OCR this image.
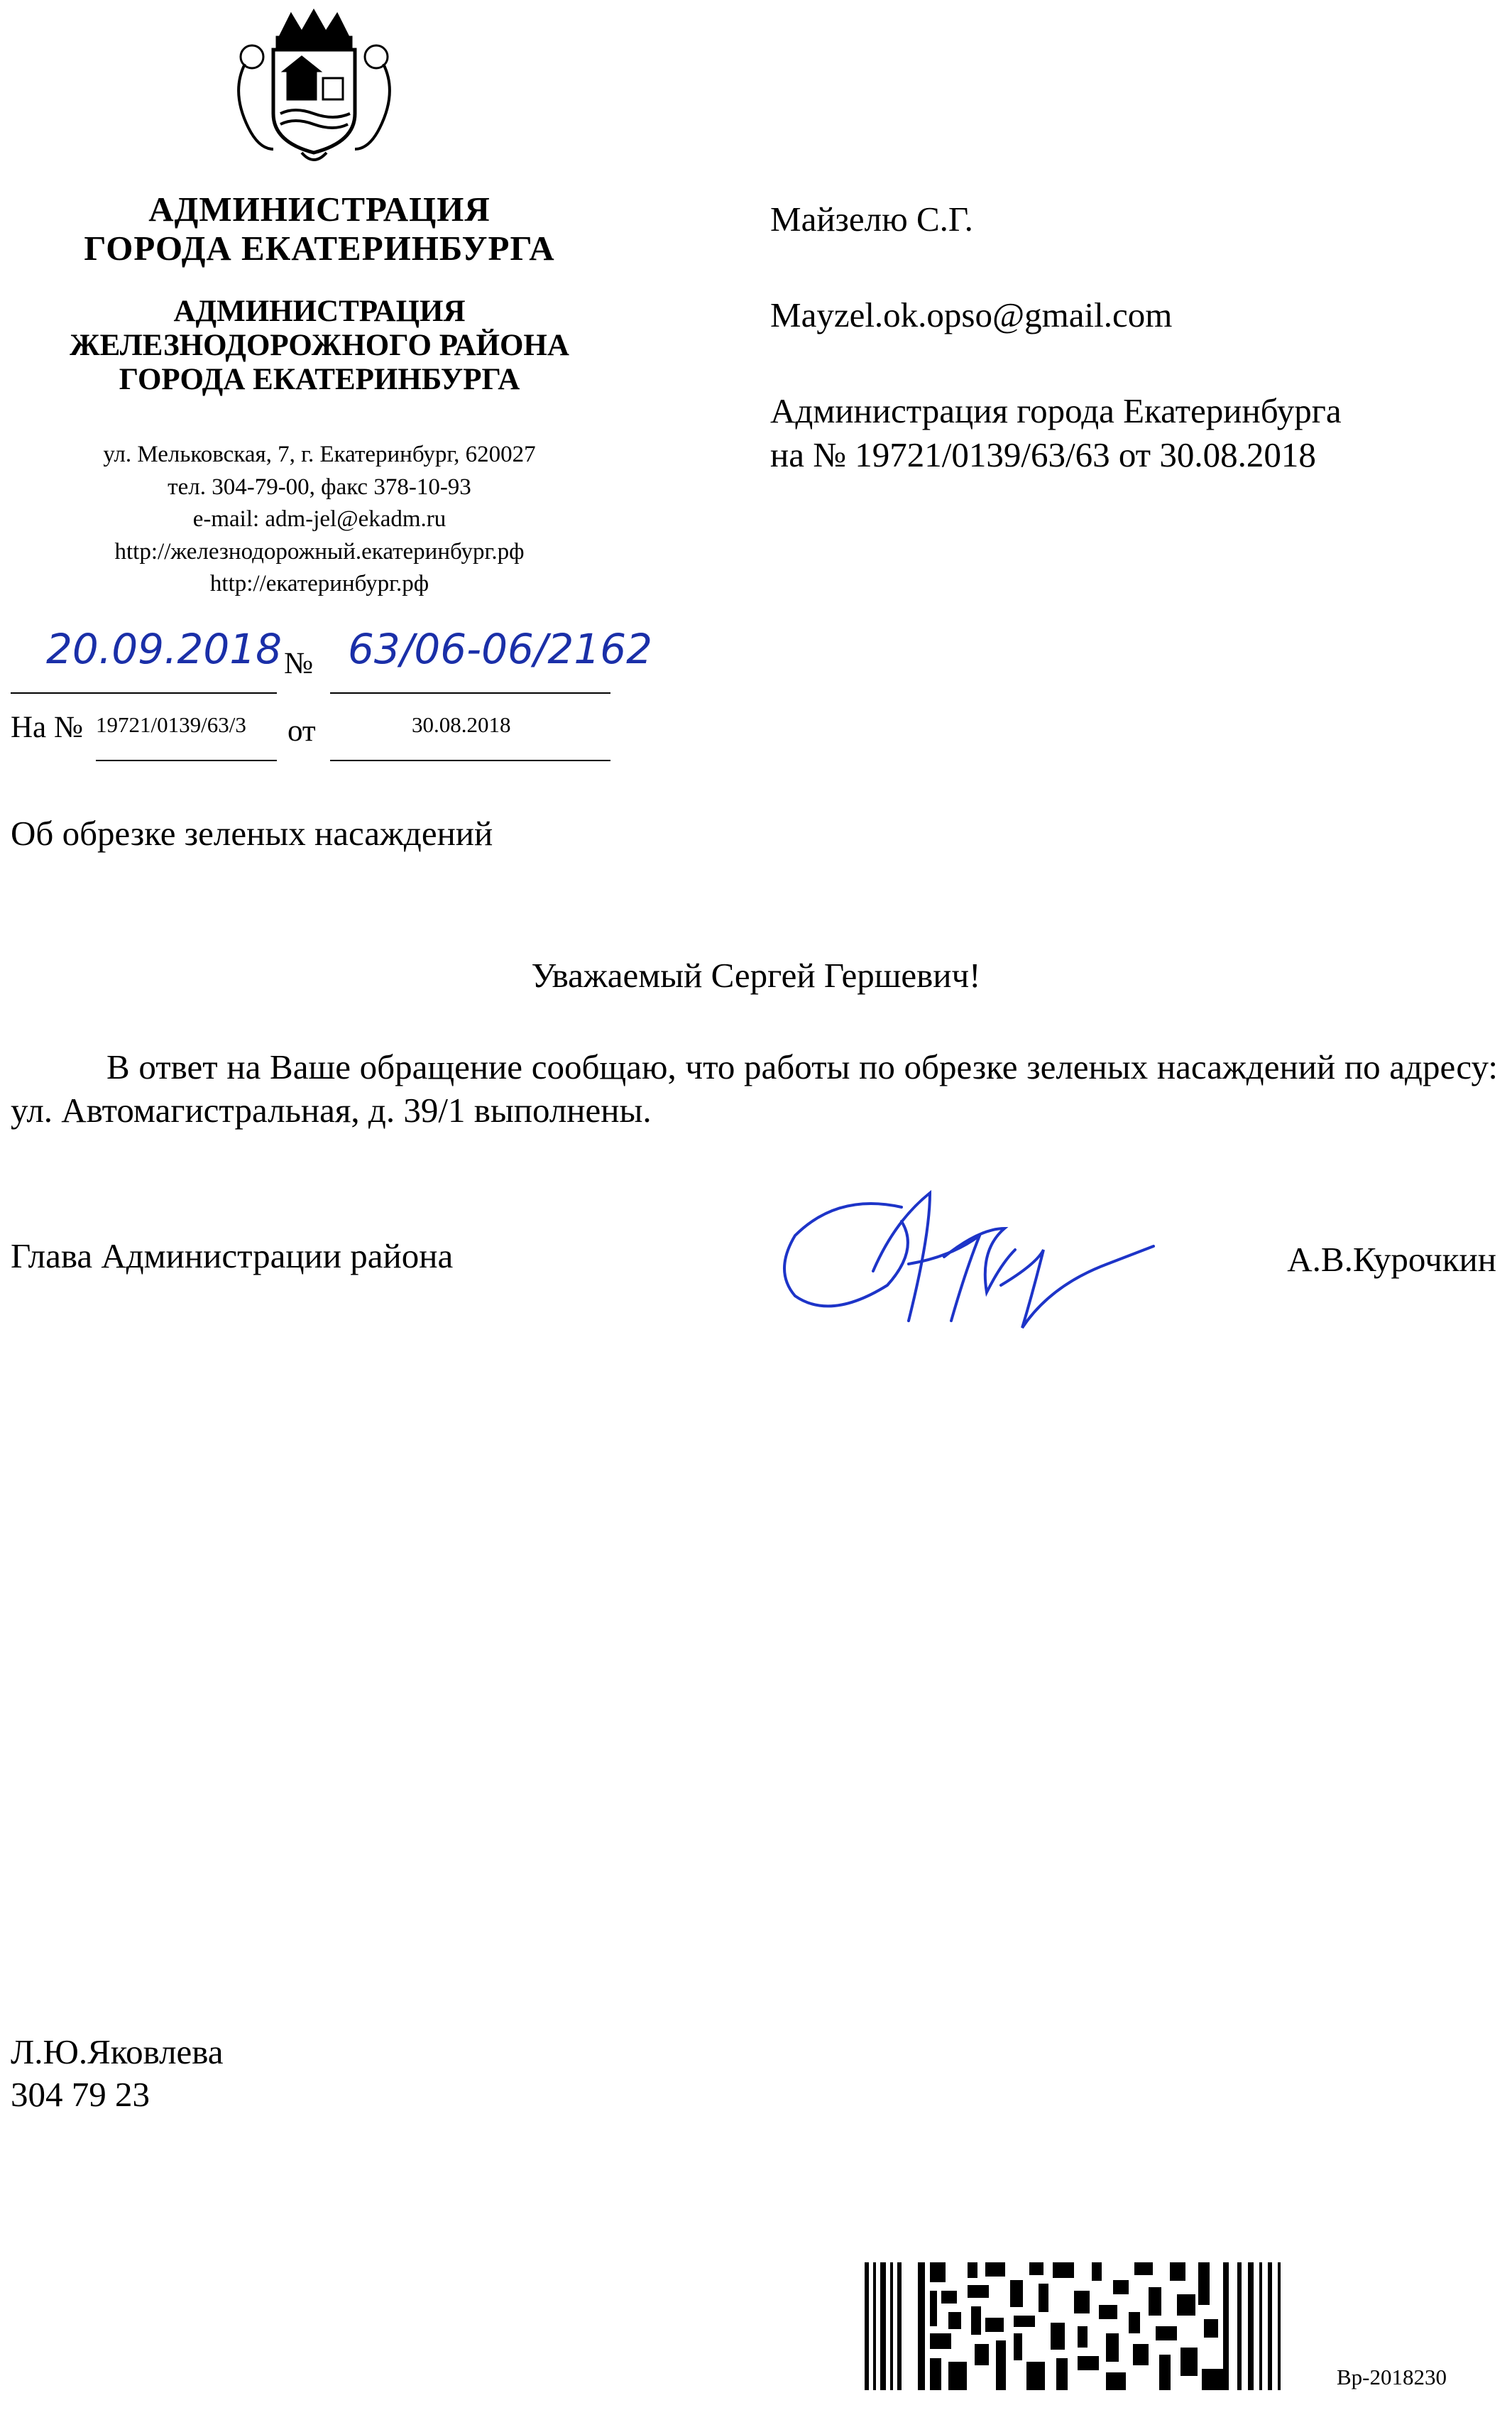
АДМИНИСТРАЦИЯ
ГОРОДА ЕКАТЕРИНБУРГА
АДМИНИСТРАЦИЯ
ЖЕЛЕЗНОДОРОЖНОГО РАЙОНА
ГОРОДА ЕКАТЕРИНБУРГА
ул. Мельковская, 7, г. Екатеринбург, 620027
тел. 304-79-00, факс 378-10-93
e-mail: adm-jel@ekadm.ru
http://железнодорожный.екатеринбург.рф
http://екатеринбург.рф
20.09.2018 № 63/06-06/2162
На № 19721/0139/63/3 от	30.08.2018
Майзелю С.Г.
Mayzel.ok.opso@gmail.com
Администрация города Екатеринбурга
на № 19721/0139/63/63 от 30.08.2018
Об обрезке зеленых насаждений
Уважаемый Сергей Гершевич!
В ответ на Ваше обращение сообщаю, что работы по обрезке зеленых насаждений по адресу: ул. Автомагистральная, д. 39/1 выполнены.
Глава Администрации района	А.В.Курочкин
Л.Ю.Яковлева
304 79 23
Вр-2018230
